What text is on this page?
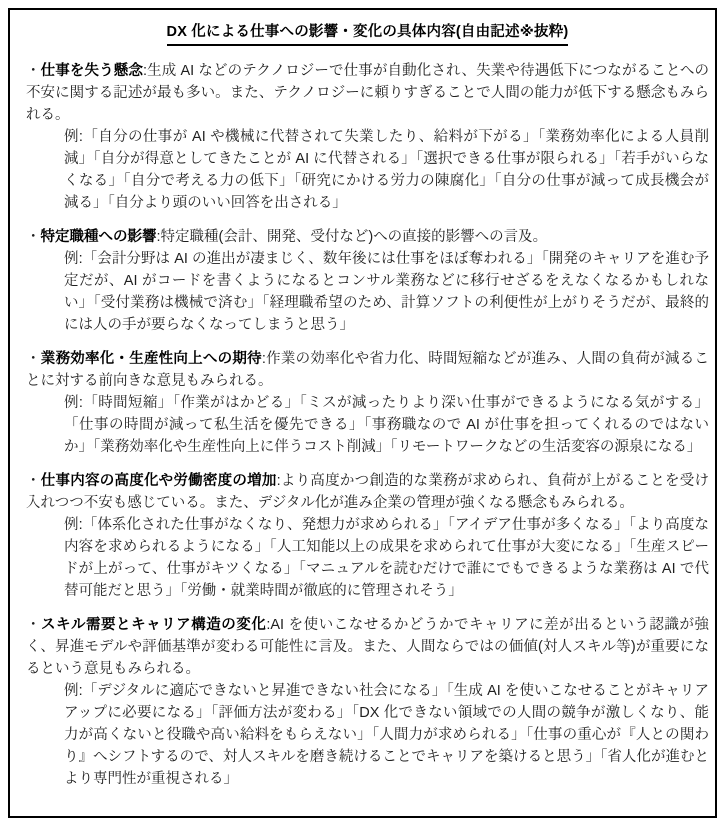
DX 化による仕事への影響・変化の具体内容(自由記述※抜粋)

・仕事を失う懸念:生成 AI などのテクノロジーで仕事が自動化され、失業や待遇低下につながることへの不安に関する記述が最も多い。また、テクノロジーに頼りすぎることで人間の能力が低下する懸念もみられる。

例:「自分の仕事が AI や機械に代替されて失業したり、給料が下がる」「業務効率化による人員削減」「自分が得意としてきたことが AI に代替される」「選択できる仕事が限られる」「若手がいらなくなる」「自分で考える力の低下」「研究にかける労力の陳腐化」「自分の仕事が減って成長機会が減る」「自分より頭のいい回答を出される」

・特定職種への影響:特定職種(会計、開発、受付など)への直接的影響への言及。

例:「会計分野は AI の進出が凄まじく、数年後には仕事をほぼ奪われる」「開発のキャリアを進む予定だが、AI がコードを書くようになるとコンサル業務などに移行せざるをえなくなるかもしれない」「受付業務は機械で済む」「経理職希望のため、計算ソフトの利便性が上がりそうだが、最終的には人の手が要らなくなってしまうと思う」

・業務効率化・生産性向上への期待:作業の効率化や省力化、時間短縮などが進み、人間の負荷が減ることに対する前向きな意見もみられる。

例:「時間短縮」「作業がはかどる」「ミスが減ったりより深い仕事ができるようになる気がする」「仕事の時間が減って私生活を優先できる」「事務職なので AI が仕事を担ってくれるのではないか」「業務効率化や生産性向上に伴うコスト削減」「リモートワークなどの生活変容の源泉になる」

・仕事内容の高度化や労働密度の増加:より高度かつ創造的な業務が求められ、負荷が上がることを受け入れつつ不安も感じている。また、デジタル化が進み企業の管理が強くなる懸念もみられる。

例:「体系化された仕事がなくなり、発想力が求められる」「アイデア仕事が多くなる」「より高度な内容を求められるようになる」「人工知能以上の成果を求められて仕事が大変になる」「生産スピードが上がって、仕事がキツくなる」「マニュアルを読むだけで誰にでもできるような業務は AI で代替可能だと思う」「労働・就業時間が徹底的に管理されそう」

・スキル需要とキャリア構造の変化:AI を使いこなせるかどうかでキャリアに差が出るという認識が強く、昇進モデルや評価基準が変わる可能性に言及。また、人間ならではの価値(対人スキル等)が重要になるという意見もみられる。

例:「デジタルに適応できないと昇進できない社会になる」「生成 AI を使いこなせることがキャリアアップに必要になる」「評価方法が変わる」「DX 化できない領域での人間の競争が激しくなり、能力が高くないと役職や高い給料をもらえない」「人間力が求められる」「仕事の重心が『人との関わり』へシフトするので、対人スキルを磨き続けることでキャリアを築けると思う」「省人化が進むとより専門性が重視される」
